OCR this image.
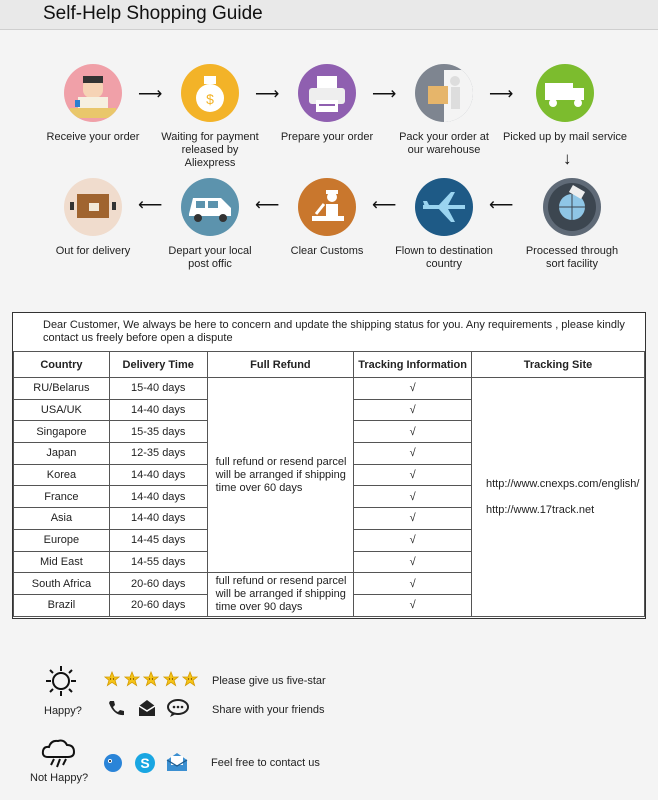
Self-Help Shopping Guide
Receive your order
⟶	$
Waiting for payment released by Aliexpress
⟶
Prepare your order
⟶
Pack your order at our warehouse
⟶
Picked up by mail service
↓
Out for delivery
⟵
Depart your local post offic
⟵
Clear Customs
⟵
Flown to destination country
⟵
Processed through sort facility
Dear Customer, We always be here to concern and update the shipping status for you. Any requirements , please kindly contact us freely before open a dispute
Country	Delivery Time	Full Refund	Tracking Information	Tracking Site
RU/Belarus	15-40 days	full refund or resend parcel will be arranged if shipping time over 60 days	√	http://www.cnexps.com/english/
http://www.17track.net

USA/UK	14-40 days		√	
Singapore	15-35 days		√	
Japan	12-35 days		√	
Korea	14-40 days		√	
France	14-40 days		√	
Asia	14-40 days		√	
Europe	14-45 days		√	
Mid East	14-55 days		√	
South Africa	20-60 days	full refund or resend parcel will be arranged if shipping time over 90 days	√	
Brazil	20-60 days		√	
Happy?
Please give us five-star
Share with your friends
Not Happy?
S	Feel free to contact us
